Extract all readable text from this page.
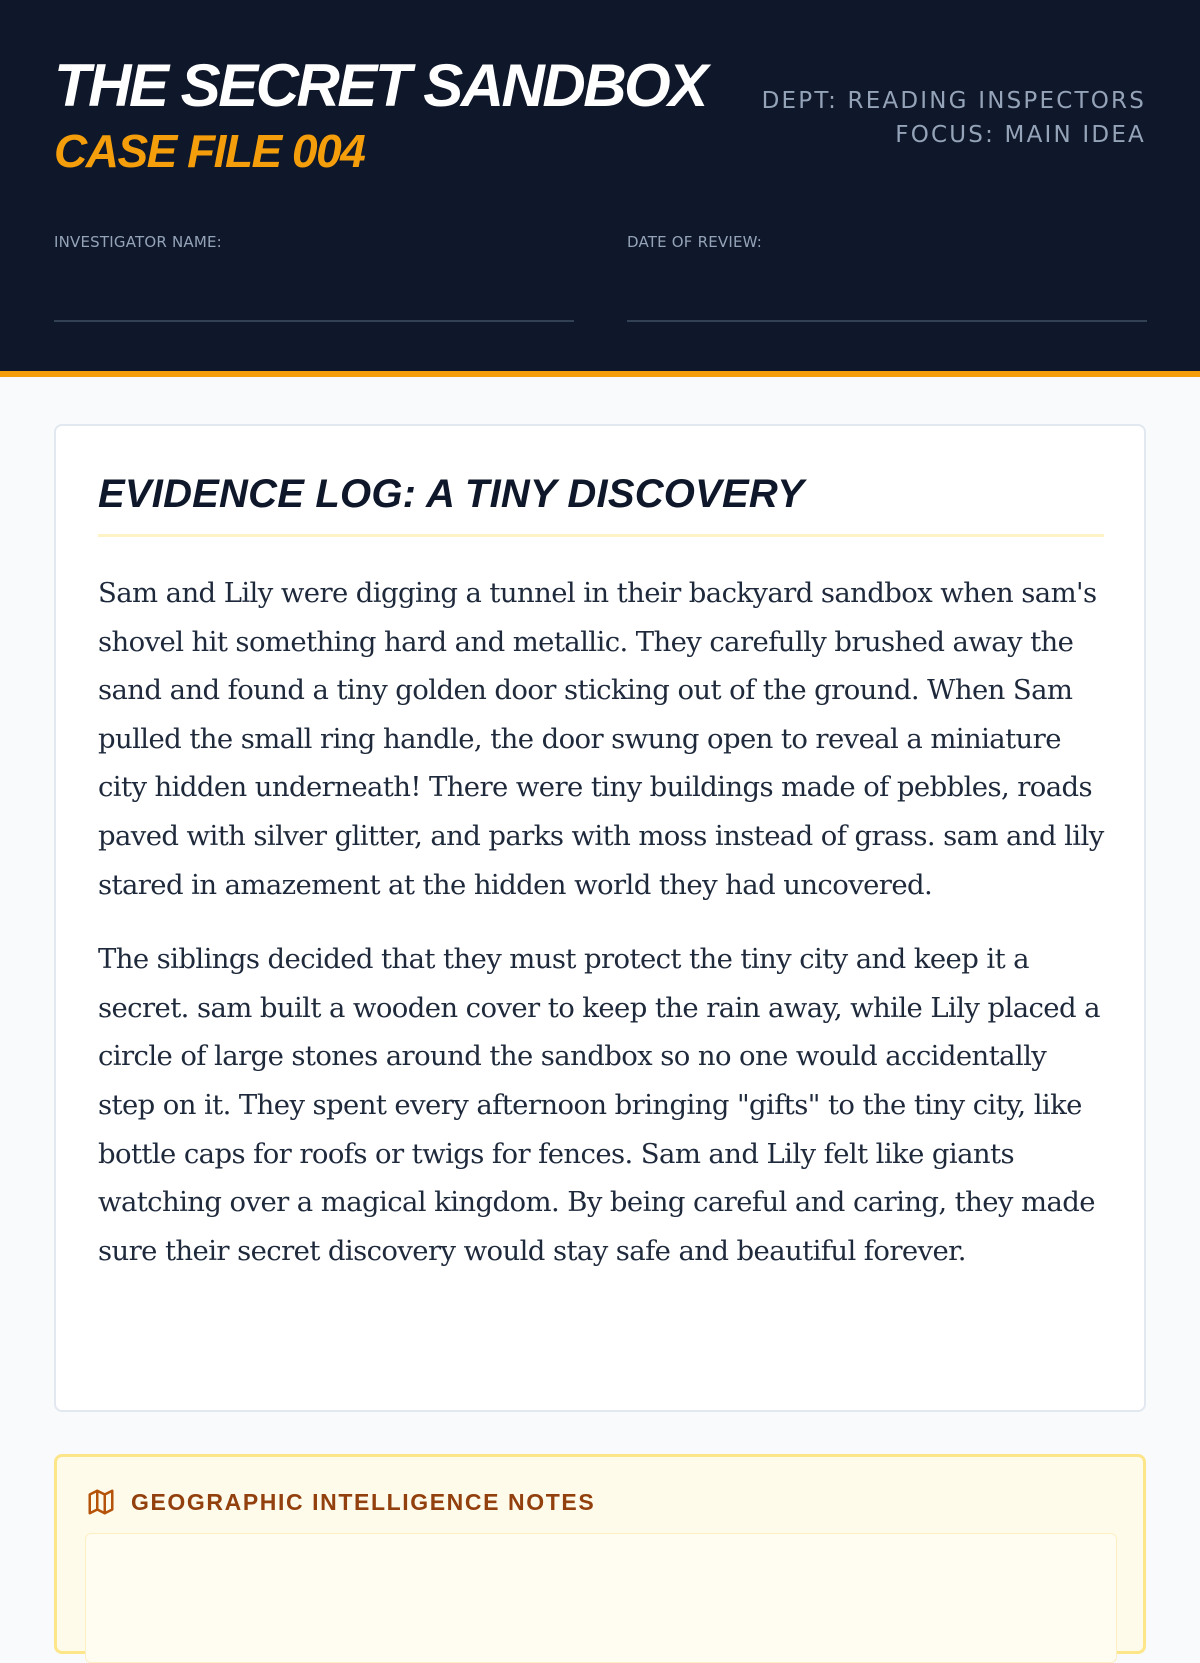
THE SECRET SANDBOX
CASE FILE 004
DEPT: READING INSPECTORS
FOCUS: MAIN IDEA
INVESTIGATOR NAME:	DATE OF REVIEW:
EVIDENCE LOG: A TINY DISCOVERY

Sam and Lily were digging a tunnel in their backyard sandbox when sam's shovel hit something hard and metallic. They carefully brushed away the sand and found a tiny golden door sticking out of the ground. When Sam pulled the small ring handle, the door swung open to reveal a miniature city hidden underneath! There were tiny buildings made of pebbles, roads paved with silver glitter, and parks with moss instead of grass. sam and lily stared in amazement at the hidden world they had uncovered.

The siblings decided that they must protect the tiny city and keep it a secret. sam built a wooden cover to keep the rain away, while Lily placed a circle of large stones around the sandbox so no one would accidentally step on it. They spent every afternoon bringing "gifts" to the tiny city, like bottle caps for roofs or twigs for fences. Sam and Lily felt like giants watching over a magical kingdom. By being careful and caring, they made sure their secret discovery would stay safe and beautiful forever.

GEOGRAPHIC INTELLIGENCE NOTES
